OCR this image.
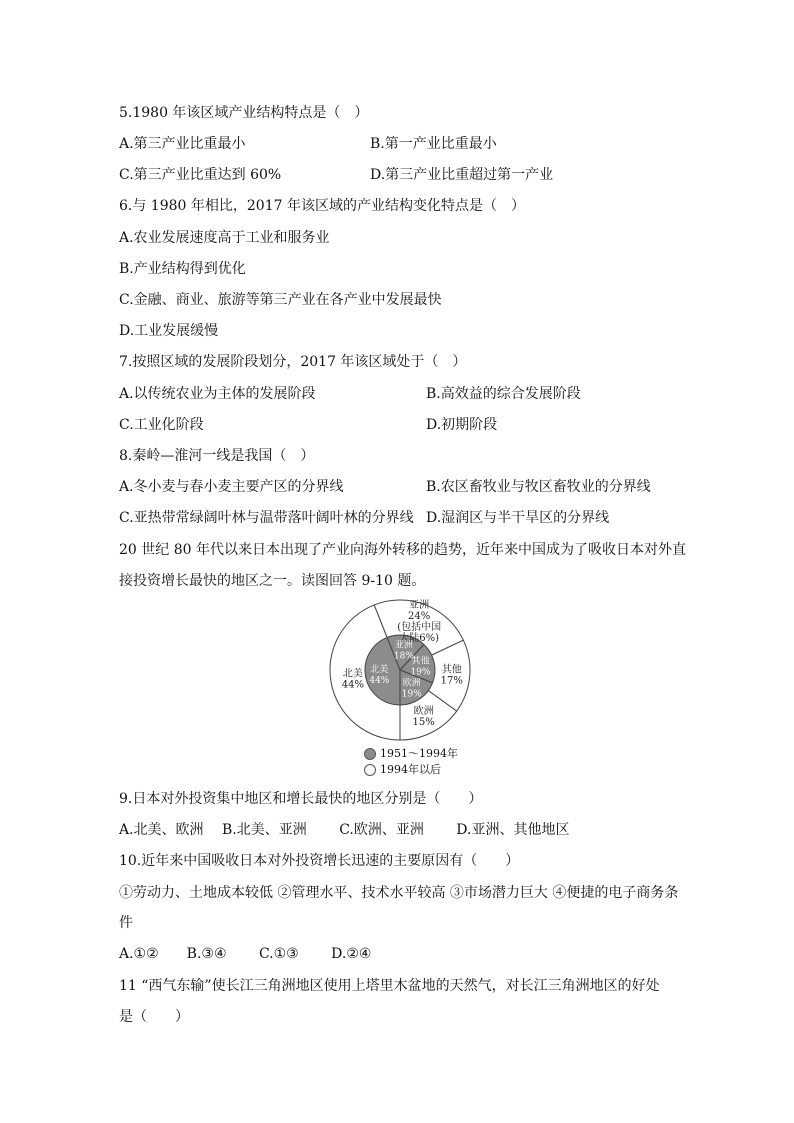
5.1980 年该区域产业结构特点是（　）
A.第三产业比重最小	B.第一产业比重最小
C.第三产业比重达到 60%	D.第三产业比重超过第一产业
6.与 1980 年相比，2017 年该区域的产业结构变化特点是（　）
A.农业发展速度高于工业和服务业
B.产业结构得到优化
C.金融、商业、旅游等第三产业在各产业中发展最快
D.工业发展缓慢
7.按照区域的发展阶段划分，2017 年该区域处于（　）
A.以传统农业为主体的发展阶段	B.高效益的综合发展阶段
C.工业化阶段	D.初期阶段
8.秦岭—淮河一线是我国（　）
A.冬小麦与春小麦主要产区的分界线	B.农区畜牧业与牧区畜牧业的分界线
C.亚热带常绿阔叶林与温带落叶阔叶林的分界线 D.湿润区与半干旱区的分界线
20 世纪 80 年代以来日本出现了产业向海外转移的趋势，近年来中国成为了吸收日本对外直
接投资增长最快的地区之一。读图回答 9-10 题。
北美
44%
亚洲
24%
(包括中国
大陆6%)
其他
17%
欧洲
15%
北美
44%
亚洲
18%
其他
19%
欧洲
19%
1951～1994年
1994年以后
9.日本对外投资集中地区和增长最快的地区分别是（　　）
A.北美、欧洲　 B.北美、亚洲　　 C.欧洲、亚洲　　 D.亚洲、其他地区
10.近年来中国吸收日本对外投资增长迅速的主要原因有（　　）
①劳动力、土地成本较低 ②管理水平、技术水平较高 ③市场潜力巨大 ④便捷的电子商务条
件
A.①②　　B.③④　　 C.①③　　 D.②④
11 “西气东输”使长江三角洲地区使用上塔里木盆地的天然气，对长江三角洲地区的好处
是（　　）
